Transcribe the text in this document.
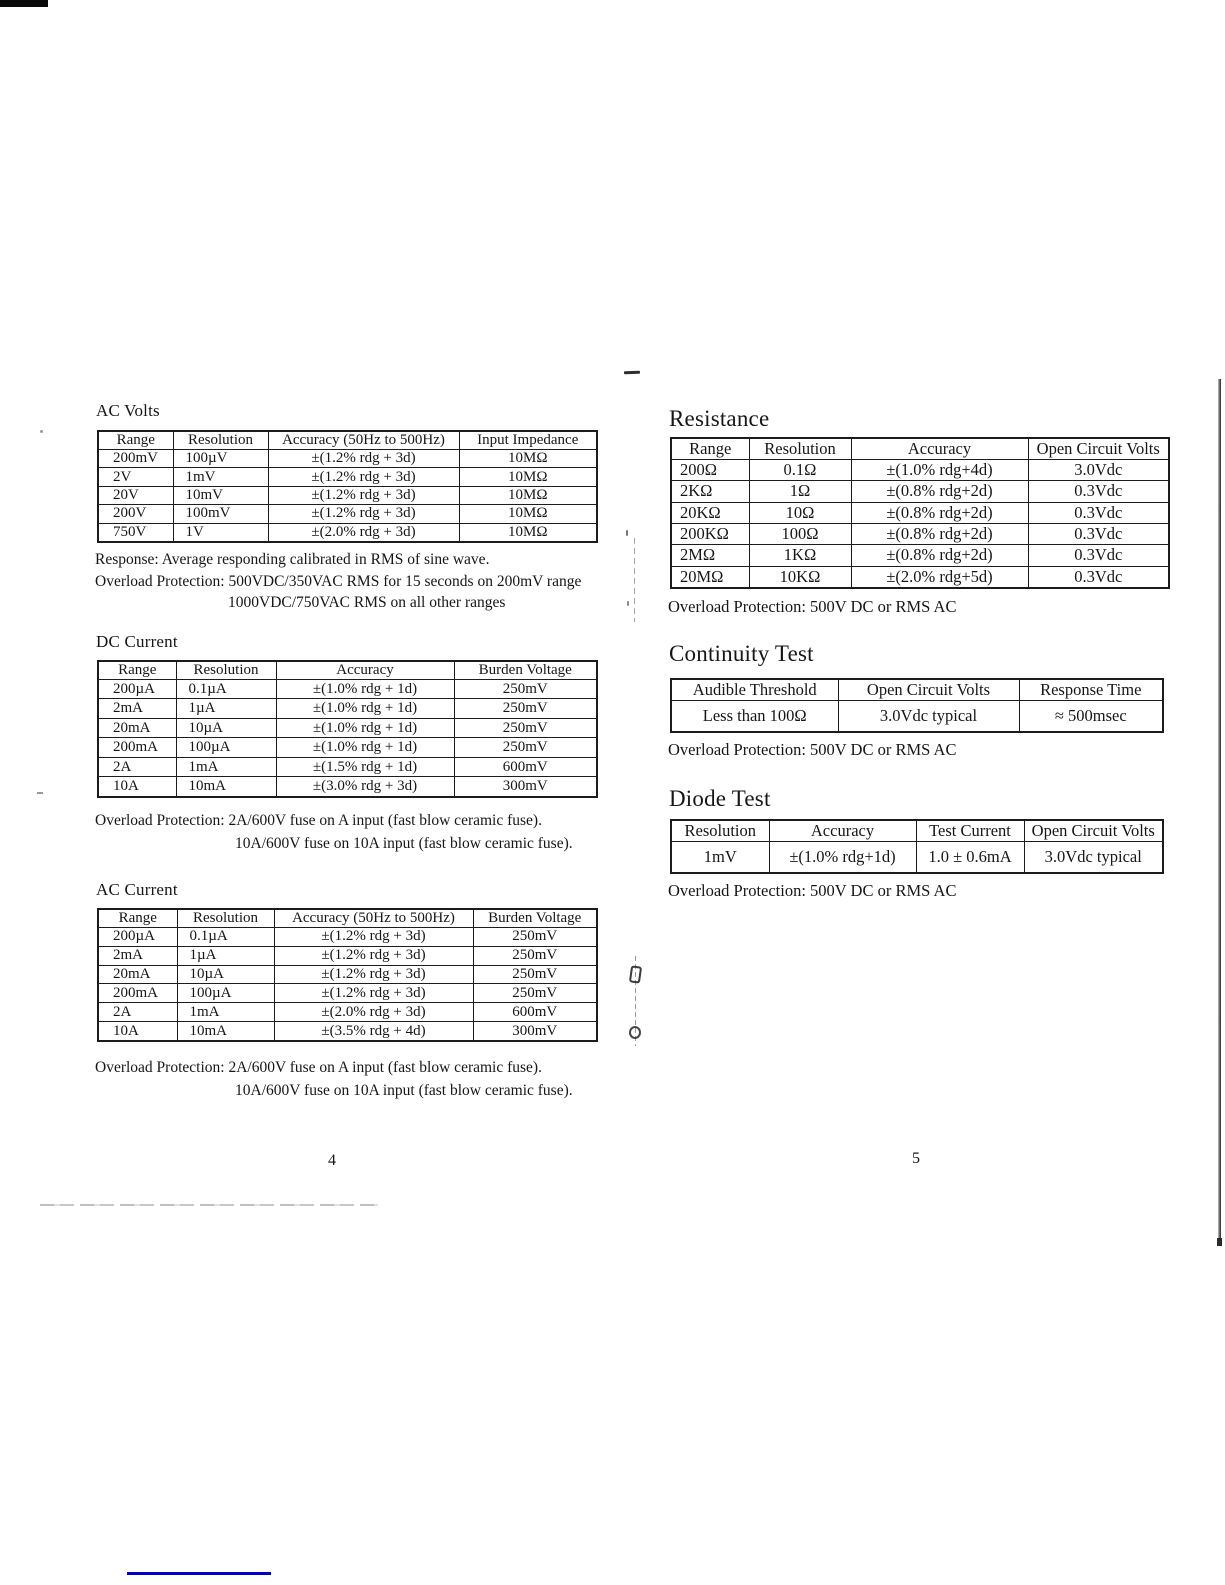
AC Volts
Range	Resolution	Accuracy (50Hz to 500Hz)	Input Impedance
200mV	100µV	±(1.2% rdg + 3d)	10MΩ
2V	1mV	±(1.2% rdg + 3d)	10MΩ
20V	10mV	±(1.2% rdg + 3d)	10MΩ
200V	100mV	±(1.2% rdg + 3d)	10MΩ
750V	1V	±(2.0% rdg + 3d)	10MΩ
Response: Average responding calibrated in RMS of sine wave.
Overload Protection: 500VDC/350VAC RMS for 15 seconds on 200mV range
1000VDC/750VAC RMS on all other ranges
DC Current
Range	Resolution	Accuracy	Burden Voltage
200µA	0.1µA	±(1.0% rdg + 1d)	250mV
2mA	1µA	±(1.0% rdg + 1d)	250mV
20mA	10µA	±(1.0% rdg + 1d)	250mV
200mA	100µA	±(1.0% rdg + 1d)	250mV
2A	1mA	±(1.5% rdg + 1d)	600mV
10A	10mA	±(3.0% rdg + 3d)	300mV
Overload Protection: 2A/600V fuse on A input (fast blow ceramic fuse).
10A/600V fuse on 10A input (fast blow ceramic fuse).
AC Current
Range	Resolution	Accuracy (50Hz to 500Hz)	Burden Voltage
200µA	0.1µA	±(1.2% rdg + 3d)	250mV
2mA	1µA	±(1.2% rdg + 3d)	250mV
20mA	10µA	±(1.2% rdg + 3d)	250mV
200mA	100µA	±(1.2% rdg + 3d)	250mV
2A	1mA	±(2.0% rdg + 3d)	600mV
10A	10mA	±(3.5% rdg + 4d)	300mV
Overload Protection: 2A/600V fuse on A input (fast blow ceramic fuse).
10A/600V fuse on 10A input (fast blow ceramic fuse).
4
Resistance
Range	Resolution	Accuracy	Open Circuit Volts
200Ω	0.1Ω	±(1.0% rdg+4d)	3.0Vdc
2KΩ	1Ω	±(0.8% rdg+2d)	0.3Vdc
20KΩ	10Ω	±(0.8% rdg+2d)	0.3Vdc
200KΩ	100Ω	±(0.8% rdg+2d)	0.3Vdc
2MΩ	1KΩ	±(0.8% rdg+2d)	0.3Vdc
20MΩ	10KΩ	±(2.0% rdg+5d)	0.3Vdc
Overload Protection: 500V DC or RMS AC
Continuity Test
Audible Threshold	Open Circuit Volts	Response Time
Less than 100Ω	3.0Vdc typical	≈ 500msec
Overload Protection: 500V DC or RMS AC
Diode Test
Resolution	Accuracy	Test Current	Open Circuit Volts
1mV	±(1.0% rdg+1d)	1.0 ± 0.6mA	3.0Vdc typical
Overload Protection: 500V DC or RMS AC
5
